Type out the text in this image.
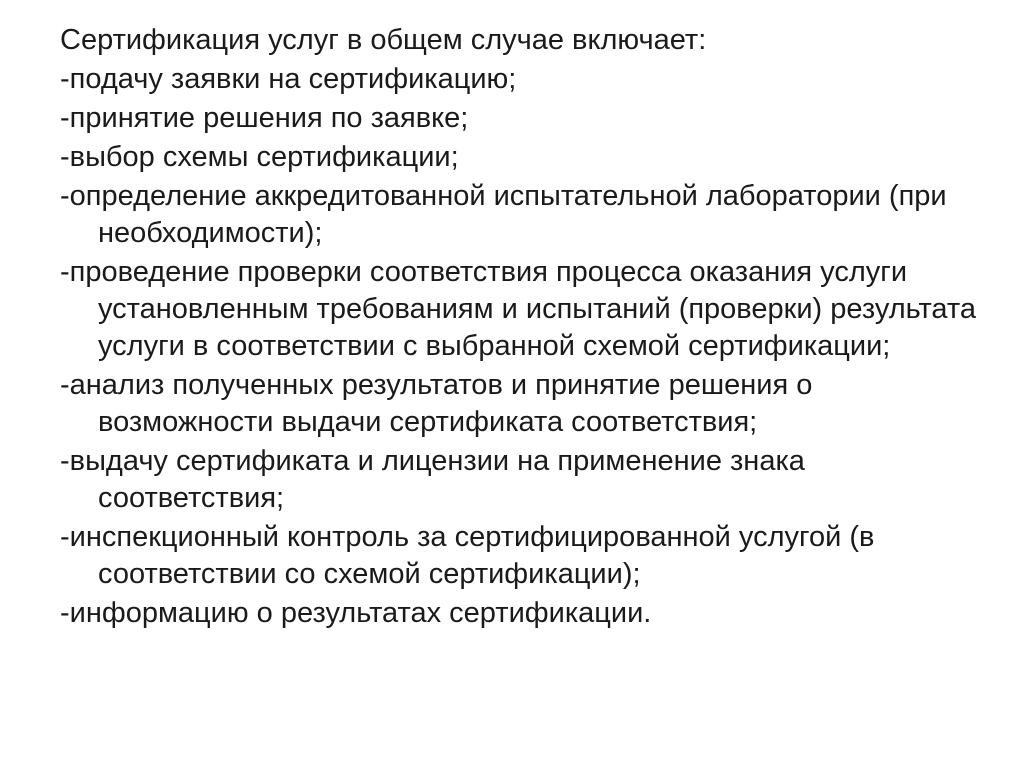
Сертификация услуг в общем случае включает:

-подачу заявки на сертификацию;
-принятие решения по заявке;
-выбор схемы сертификации;
-определение аккредитованной испытательной лаборатории (при необходимости);
-проведение проверки соответствия процесса оказания услуги установленным требованиям и испытаний (проверки) результата услуги в соответствии с выбранной схемой сертификации;
-анализ полученных результатов и принятие решения о возможности выдачи сертификата соответствия;
-выдачу сертификата и лицензии на применение знака соответствия;
-инспекционный контроль за сертифицированной услугой (в соответствии со схемой сертификации);
-информацию о результатах сертификации.
